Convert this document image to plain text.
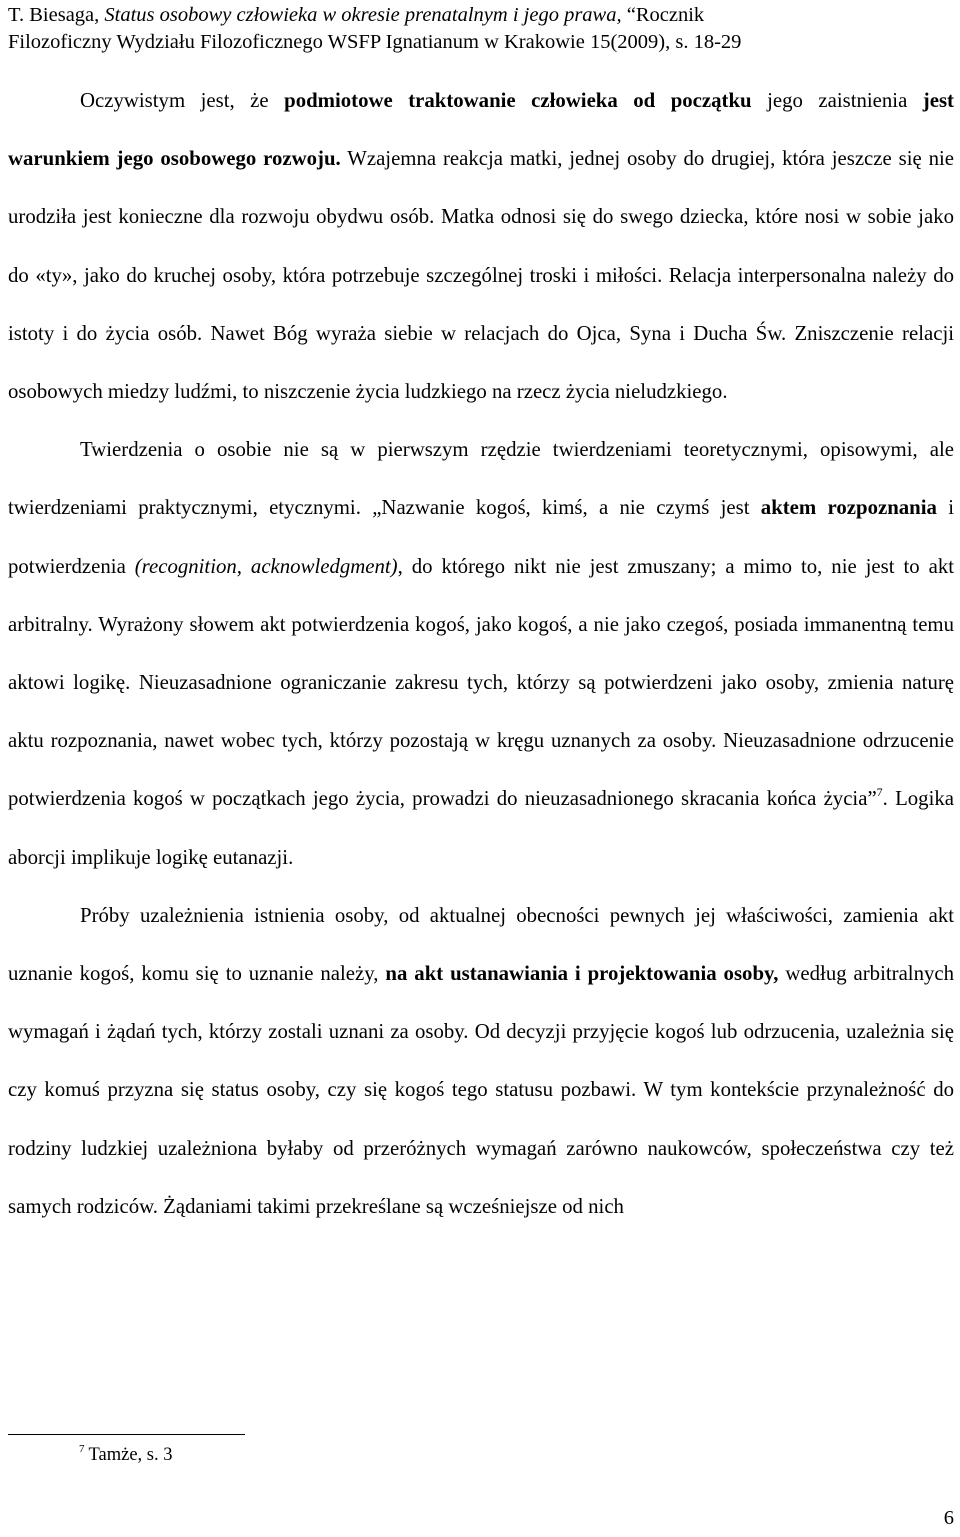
T. Biesaga, Status osobowy człowieka w okresie prenatalnym i jego prawa, “Rocznik
Filozoficzny Wydziału Filozoficznego WSFP Ignatianum w Krakowie 15(2009), s. 18-29

Oczywistym jest, że podmiotowe traktowanie człowieka od początku jego zaistnienia jest warunkiem jego osobowego rozwoju. Wzajemna reakcja matki, jednej osoby do drugiej, która jeszcze się nie urodziła jest konieczne dla rozwoju obydwu osób. Matka odnosi się do swego dziecka, które nosi w sobie jako do «ty», jako do kruchej osoby, która potrzebuje szczególnej troski i miłości. Relacja interpersonalna należy do istoty i do życia osób. Nawet Bóg wyraża siebie w relacjach do Ojca, Syna i Ducha Św. Zniszczenie relacji osobowych miedzy ludźmi, to niszczenie życia ludzkiego na rzecz życia nieludzkiego.

Twierdzenia o osobie nie są w pierwszym rzędzie twierdzeniami teoretycznymi, opisowymi, ale twierdzeniami praktycznymi, etycznymi. „Nazwanie kogoś, kimś, a nie czymś jest aktem rozpoznania i potwierdzenia (recognition, acknowledgment), do którego nikt nie jest zmuszany; a mimo to, nie jest to akt arbitralny. Wyrażony słowem akt potwierdzenia kogoś, jako kogoś, a nie jako czegoś, posiada immanentną temu aktowi logikę. Nieuzasadnione ograniczanie zakresu tych, którzy są potwierdzeni jako osoby, zmienia naturę aktu rozpoznania, nawet wobec tych, którzy pozostają w kręgu uznanych za osoby. Nieuzasadnione odrzucenie potwierdzenia kogoś w początkach jego życia, prowadzi do nieuzasadnionego skracania końca życia”$^7$. Logika aborcji implikuje logikę eutanazji.

Próby uzależnienia istnienia osoby, od aktualnej obecności pewnych jej właściwości, zamienia akt uznanie kogoś, komu się to uznanie należy, na akt ustanawiania i projektowania osoby, według arbitralnych wymagań i żądań tych, którzy zostali uznani za osoby. Od decyzji przyjęcie kogoś lub odrzucenia, uzależnia się czy komuś przyzna się status osoby, czy się kogoś tego statusu pozbawi. W tym kontekście przynależność do rodziny ludzkiej uzależniona byłaby od przeróżnych wymagań zarówno naukowców, społeczeństwa czy też samych rodziców. Żądaniami takimi przekreślane są wcześniejsze od nich

$^7$ Tamże, s. 3
6
